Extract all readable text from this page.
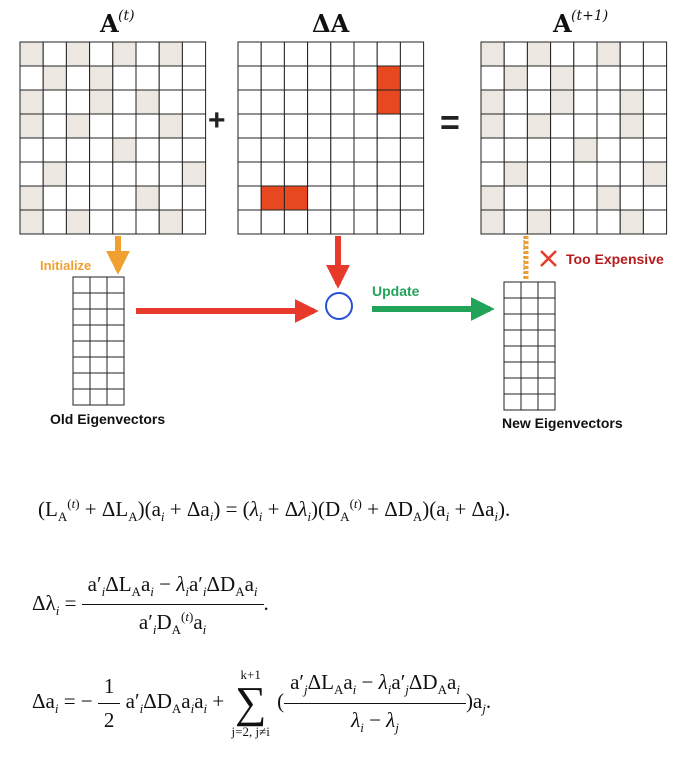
A (t)	ΔA	A (t+1)
+	=
Initialize
Update
Too Expensive
Old Eigenvectors	New Eigenvectors
$(L_A^{(t)} + \Delta L_A)(a_i + \Delta a_i) = (\lambda_i + \Delta\lambda_i)(D_A^{(t)} + \Delta D_A)(a_i + \Delta a_i)$.
$\Delta\lambda_i = \frac{a'_i\Delta L_Aa_i - \lambda_ia'_i\Delta D_Aa_i}{a'_iD_A^{(t)}a_i}$ .
$\Delta a_i$ = − $\frac{1}{2} a'_i\Delta D_Aa_ia_i + k+1$
∑
j=2, j≠i ( $\frac{a'_j\Delta L_Aa_i - \lambda_ia'_j\Delta D_Aa_i}{\lambda_i - \lambda_j} )a_j$.
